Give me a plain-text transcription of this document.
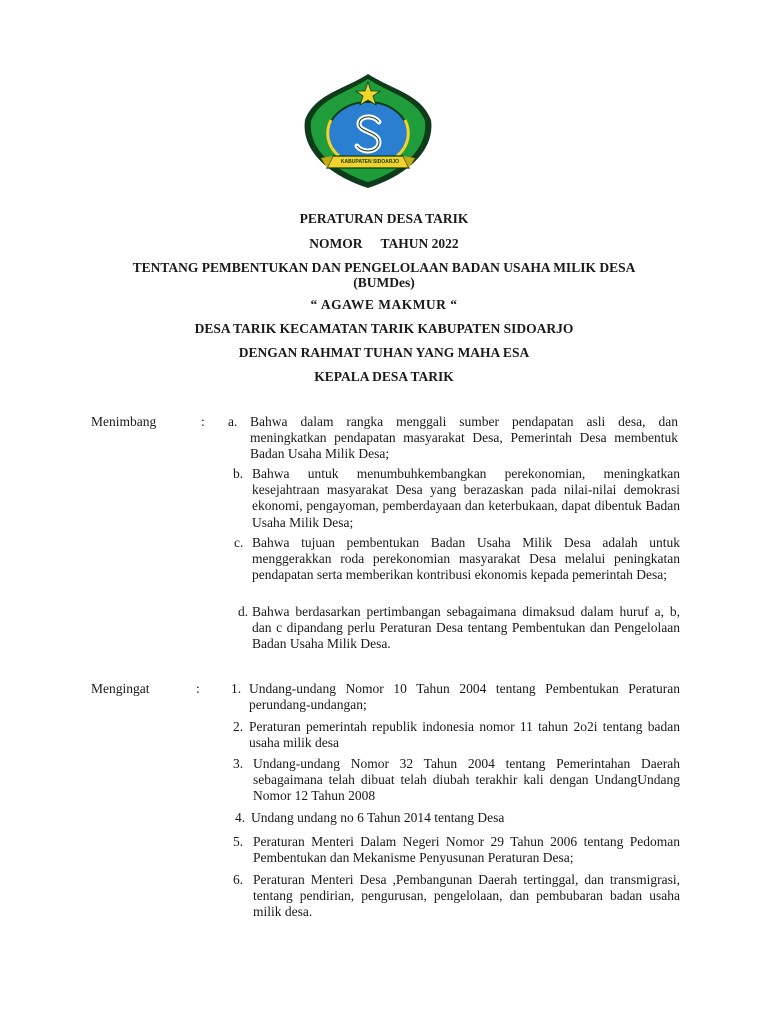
KABUPATEN SIDOARJO
PERATURAN DESA TARIK
NOMOR TAHUN 2022
TENTANG PEMBENTUKAN DAN PENGELOLAAN BADAN USAHA MILIK DESA
(BUMDes)
“ AGAWE MAKMUR “
DESA TARIK KECAMATAN TARIK KABUPATEN SIDOARJO
DENGAN RAHMAT TUHAN YANG MAHA ESA
KEPALA DESA TARIK
Menimbang	: a. Bahwa dalam rangka menggali sumber pendapatan asli desa, dan meningkatkan pendapatan masyarakat Desa, Pemerintah Desa membentuk Badan Usaha Milik Desa;
b. Bahwa untuk menumbuhkembangkan perekonomian, meningkatkan kesejahtraan masyarakat Desa yang berazaskan pada nilai-nilai demokrasi ekonomi, pengayoman, pemberdayaan dan keterbukaan, dapat dibentuk Badan Usaha Milik Desa;
c. Bahwa tujuan pembentukan Badan Usaha Milik Desa adalah untuk menggerakkan roda perekonomian masyarakat Desa melalui peningkatan pendapatan serta memberikan kontribusi ekonomis kepada pemerintah Desa;
d. Bahwa berdasarkan pertimbangan sebagaimana dimaksud dalam huruf a, b, dan c dipandang perlu Peraturan Desa tentang Pembentukan dan Pengelolaan Badan Usaha Milik Desa.
Mengingat	: 1. Undang-undang Nomor 10 Tahun 2004 tentang Pembentukan Peraturan perundang-undangan;
2. Peraturan pemerintah republik indonesia nomor 11 tahun 2o2i tentang badan usaha milik desa
3. Undang-undang Nomor 32 Tahun 2004 tentang Pemerintahan Daerah sebagaimana telah dibuat telah diubah terakhir kali dengan UndangUndang Nomor 12 Tahun 2008
4. Undang undang no 6 Tahun 2014 tentang Desa
5. Peraturan Menteri Dalam Negeri Nomor 29 Tahun 2006 tentang Pedoman Pembentukan dan Mekanisme Penyusunan Peraturan Desa;
6. Peraturan Menteri Desa ,Pembangunan Daerah tertinggal, dan transmigrasi, tentang pendirian, pengurusan, pengelolaan, dan pembubaran badan usaha milik desa.
